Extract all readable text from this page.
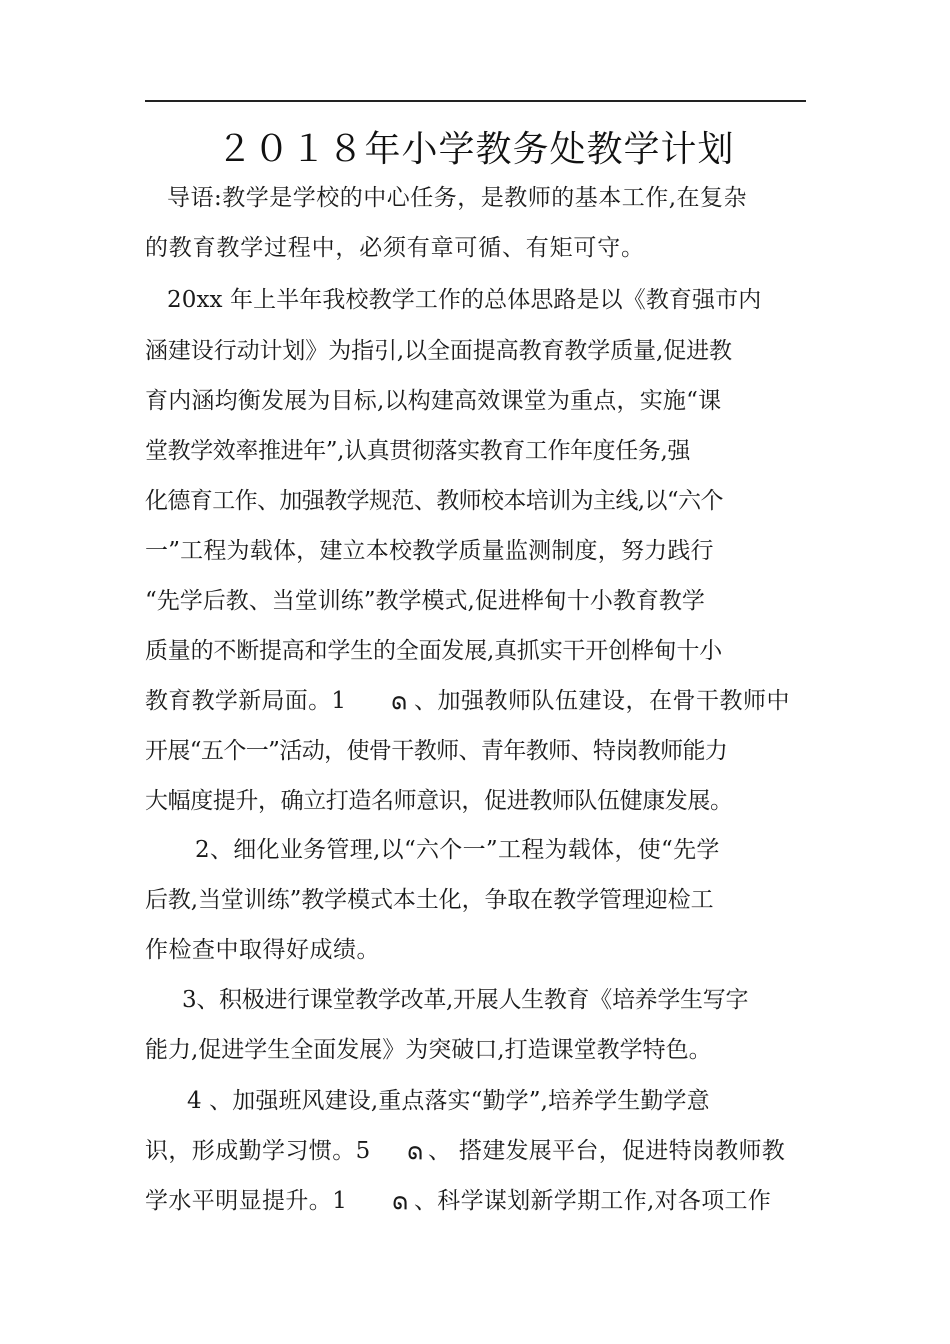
２０１８年小学教务处教学计划
导语:教学是学校的中心任务，是教师的基本工作,在复杂
的教育教学过程中，必须有章可循、有矩可守。
20xx 年上半年我校教学工作的总体思路是以《教育强市内
涵建设行动计划》为指引,以全面提高教育教学质量,促进教
育内涵均衡发展为目标,以构建高效课堂为重点，实施“课
堂教学效率推进年”,认真贯彻落实教育工作年度任务,强
化德育工作、加强教学规范、教师校本培训为主线,以“六个
一”工程为载体，建立本校教学质量监测制度，努力践行
“先学后教、当堂训练”教学模式,促进桦甸十小教育教学
质量的不断提高和学生的全面发展,真抓实干开创桦甸十小
教育教学新局面。1	ᘏ 、加强教师队伍建设，在骨干教师中
开展“五个一”活动，使骨干教师、青年教师、特岗教师能力
大幅度提升，确立打造名师意识，促进教师队伍健康发展。
2、细化业务管理,以“六个一”工程为载体，使“先学
后教,当堂训练”教学模式本土化，争取在教学管理迎检工
作检查中取得好成绩。
3、积极进行课堂教学改革,开展人生教育《培养学生写字
能力,促进学生全面发展》为突破口,打造课堂教学特色。
4 、加强班风建设,重点落实“勤学”,培养学生勤学意
识，形成勤学习惯。5 ᘏ 、 搭建发展平台，促进特岗教师教
学水平明显提升。1	ᘏ 、科学谋划新学期工作,对各项工作
